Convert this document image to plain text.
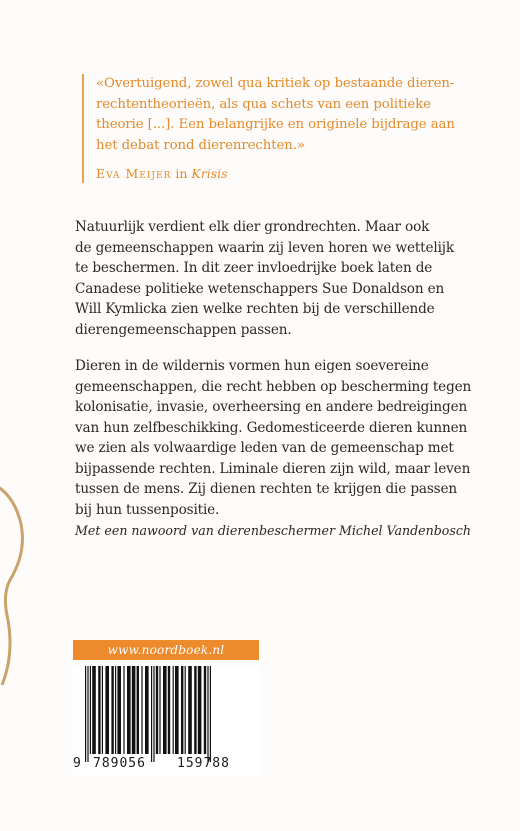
«Overtuigend, zowel qua kritiek op bestaande dieren-
rechtentheorieën, als qua schets van een politieke
theorie [...]. Een belangrijke en originele bijdrage aan
het debat rond dierenrechten.»

Eva Meijer in Krisis

Natuurlijk verdient elk dier grondrechten. Maar ook
de gemeenschappen waarin zij leven horen we wettelijk
te beschermen. In dit zeer invloedrijke boek laten de
Canadese politieke wetenschappers Sue Donaldson en
Will Kymlicka zien welke rechten bij de verschillende
dierengemeenschappen passen.

Dieren in de wildernis vormen hun eigen soevereine
gemeenschappen, die recht hebben op bescherming tegen
kolonisatie, invasie, overheersing en andere bedreigingen
van hun zelfbeschikking. Gedomesticeerde dieren kunnen
we zien als volwaardige leden van de gemeenschap met
bijpassende rechten. Liminale dieren zijn wild, maar leven
tussen de mens. Zij dienen rechten te krijgen die passen
bij hun tussenpositie.

Met een nawoord van dierenbeschermer Michel Vandenbosch

www.noordboek.nl

9

789056

159788
